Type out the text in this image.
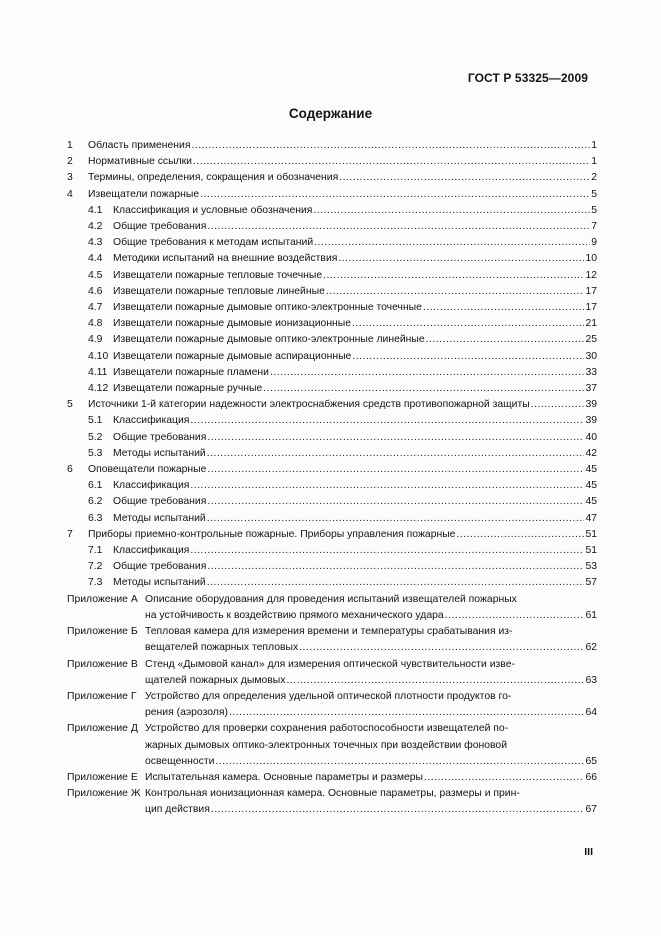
ГОСТ Р 53325—2009
Содержание
1	Область применения .....	1
2	Нормативные ссылки .....	1
3	Термины, определения, сокращения и обозначения .....	2
4	Извещатели пожарные .....	5
4.1	Классификация и условные обозначения .....	5
4.2	Общие требования .....	7
4.3	Общие требования к методам испытаний .....	9
4.4	Методики испытаний на внешние воздействия .....	10
4.5	Извещатели пожарные тепловые точечные .....	12
4.6	Извещатели пожарные тепловые линейные .....	17
4.7	Извещатели пожарные дымовые оптико-электронные точечные .....	17
4.8	Извещатели пожарные дымовые ионизационные .....	21
4.9	Извещатели пожарные дымовые оптико-электронные линейные .....	25
4.10 Извещатели пожарные дымовые аспирационные .....	30
4.11 Извещатели пожарные пламени .....	33
4.12 Извещатели пожарные ручные .....	37
5	Источники 1-й категории надежности электроснабжения средств противопожарной защиты .....	39
5.1	Классификация .....	39
5.2	Общие требования .....	40
5.3	Методы испытаний .....	42
6	Оповещатели пожарные .....	45
6.1	Классификация .....	45
6.2	Общие требования .....	45
6.3	Методы испытаний .....	47
7	Приборы приемно-контрольные пожарные. Приборы управления пожарные .....	51
7.1	Классификация .....	51
7.2	Общие требования .....	53
7.3	Методы испытаний .....	57
Приложение А Описание оборудования для проведения испытаний извещателей пожарных
на устойчивость к воздействию прямого механического удара .....	61
Приложение Б Тепловая камера для измерения времени и температуры срабатывания из-
вещателей пожарных тепловых .....	62
Приложение В Стенд «Дымовой канал» для измерения оптической чувствительности изве-
щателей пожарных дымовых .....	63
Приложение Г Устройство для определения удельной оптической плотности продуктов го-
рения (аэрозоля) .....	64
Приложение Д Устройство для проверки сохранения работоспособности извещателей по-
жарных дымовых оптико-электронных точечных при воздействии фоновой
освещенности .....	65
Приложение Е Испытательная камера. Основные параметры и размеры .....	66
Приложение Ж Контрольная ионизационная камера. Основные параметры, размеры и прин-
цип действия .....	67
III
